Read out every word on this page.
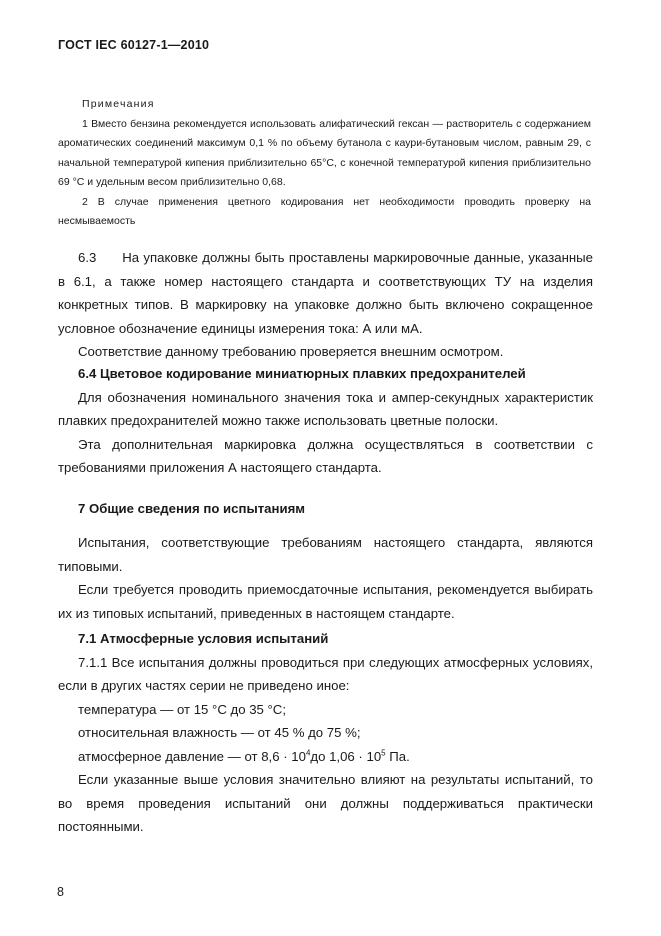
ГОСТ IEC 60127-1—2010
Примечания

1 Вместо бензина рекомендуется использовать алифатический гексан — растворитель с содержанием ароматических соединений максимум 0,1 % по объему бутанола с каури-бутановым числом, равным 29, с начальной температурой кипения приблизительно 65°С, с конечной температурой кипения приблизительно 69 °С и удельным весом приблизительно 0,68.

2 В случае применения цветного кодирования нет необходимости проводить проверку на несмываемость

6.3 На упаковке должны быть проставлены маркировочные данные, указанные в 6.1, а также номер настоящего стандарта и соответствующих ТУ на изделия конкретных типов. В маркировку на упаковке должно быть включено сокращенное условное обозначение единицы измерения тока: А или мА.

Соответствие данному требованию проверяется внешним осмотром.

6.4 Цветовое кодирование миниатюрных плавких предохранителей

Для обозначения номинального значения тока и ампер-секундных характеристик плавких предохранителей можно также использовать цветные полоски.

Эта дополнительная маркировка должна осуществляться в соответствии с требованиями приложения А настоящего стандарта.

7 Общие сведения по испытаниям

Испытания, соответствующие требованиям настоящего стандарта, являются типовыми.

Если требуется проводить приемосдаточные испытания, рекомендуется выбирать их из типовых испытаний, приведенных в настоящем стандарте.

7.1 Атмосферные условия испытаний

7.1.1 Все испытания должны проводиться при следующих атмосферных условиях, если в других частях серии не приведено иное:

температура — от 15 °С до 35 °С;
относительная влажность — от 45 % до 75 %;
атмосферное давление — от $8,6 \cdot 10^4до$ $1,06 \cdot 10^5$ Па.

Если указанные выше условия значительно влияют на результаты испытаний, то во время проведения испытаний они должны поддерживаться практически постоянными.

8
